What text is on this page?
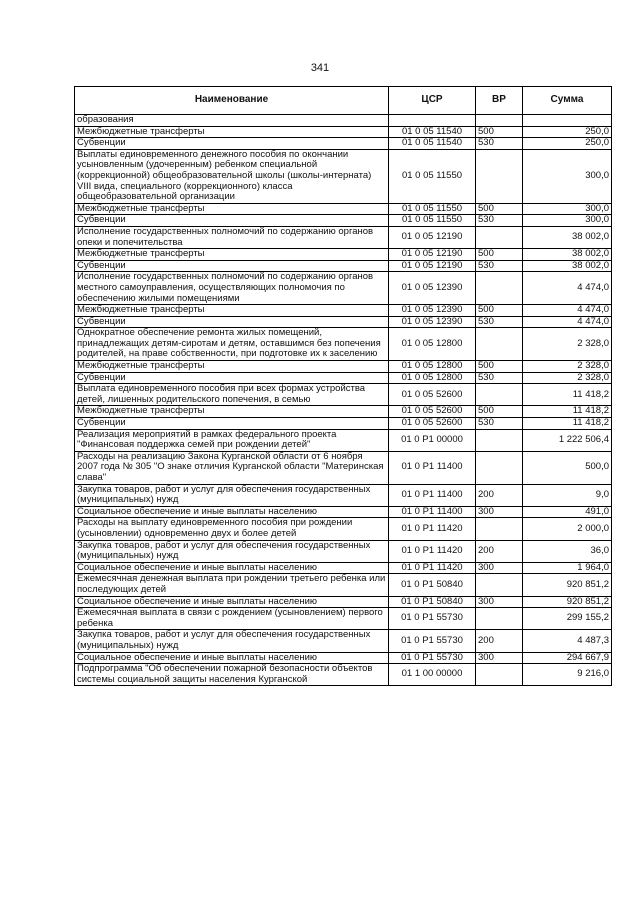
341
Наименование	ЦСР	ВР	Сумма
образования			
Межбюджетные трансферты	01 0 05 11540	500	250,0
Субвенции	01 0 05 11540	530	250,0
Выплаты единовременного денежного пособия по окончании усыновленным (удочеренным) ребенком специальной (коррекционной) общеобразовательной школы (школы-интерната) VIII вида, специального (коррекционного) класса общеобразовательной организации	01 0 05 11550		300,0
Межбюджетные трансферты	01 0 05 11550	500	300,0
Субвенции	01 0 05 11550	530	300,0
Исполнение государственных полномочий по содержанию органов опеки и попечительства	01 0 05 12190		38 002,0
Межбюджетные трансферты	01 0 05 12190	500	38 002,0
Субвенции	01 0 05 12190	530	38 002,0
Исполнение государственных полномочий по содержанию органов местного самоуправления, осуществляющих полномочия по обеспечению жилыми помещениями	01 0 05 12390		4 474,0
Межбюджетные трансферты	01 0 05 12390	500	4 474,0
Субвенции	01 0 05 12390	530	4 474,0
Однократное обеспечение ремонта жилых помещений, принадлежащих детям-сиротам и детям, оставшимся без попечения родителей, на праве собственности, при подготовке их к заселению	01 0 05 12800		2 328,0
Межбюджетные трансферты	01 0 05 12800	500	2 328,0
Субвенции	01 0 05 12800	530	2 328,0
Выплата единовременного пособия при всех формах устройства детей, лишенных родительского попечения, в семью	01 0 05 52600		11 418,2
Межбюджетные трансферты	01 0 05 52600	500	11 418,2
Субвенции	01 0 05 52600	530	11 418,2
Реализация мероприятий в рамках федерального проекта "Финансовая поддержка семей при рождении детей"	01 0 P1 00000		1 222 506,4
Расходы на реализацию Закона Курганской области от 6 ноября 2007 года № 305 "О знаке отличия Курганской области "Материнская слава"	01 0 P1 11400		500,0
Закупка товаров, работ и услуг для обеспечения государственных (муниципальных) нужд	01 0 P1 11400	200	9,0
Социальное обеспечение и иные выплаты населению	01 0 P1 11400	300	491,0
Расходы на выплату единовременного пособия при рождении (усыновлении) одновременно двух и более детей	01 0 P1 11420		2 000,0
Закупка товаров, работ и услуг для обеспечения государственных (муниципальных) нужд	01 0 P1 11420	200	36,0
Социальное обеспечение и иные выплаты населению	01 0 P1 11420	300	1 964,0
Ежемесячная денежная выплата при рождении третьего ребенка или последующих детей	01 0 P1 50840		920 851,2
Социальное обеспечение и иные выплаты населению	01 0 P1 50840	300	920 851,2
Ежемесячная выплата в связи с рождением (усыновлением) первого ребенка	01 0 P1 55730		299 155,2
Закупка товаров, работ и услуг для обеспечения государственных (муниципальных) нужд	01 0 P1 55730	200	4 487,3
Социальное обеспечение и иные выплаты населению	01 0 P1 55730	300	294 667,9
Подпрограмма "Об обеспечении пожарной безопасности объектов системы социальной защиты населения Курганской	01 1 00 00000		9 216,0
